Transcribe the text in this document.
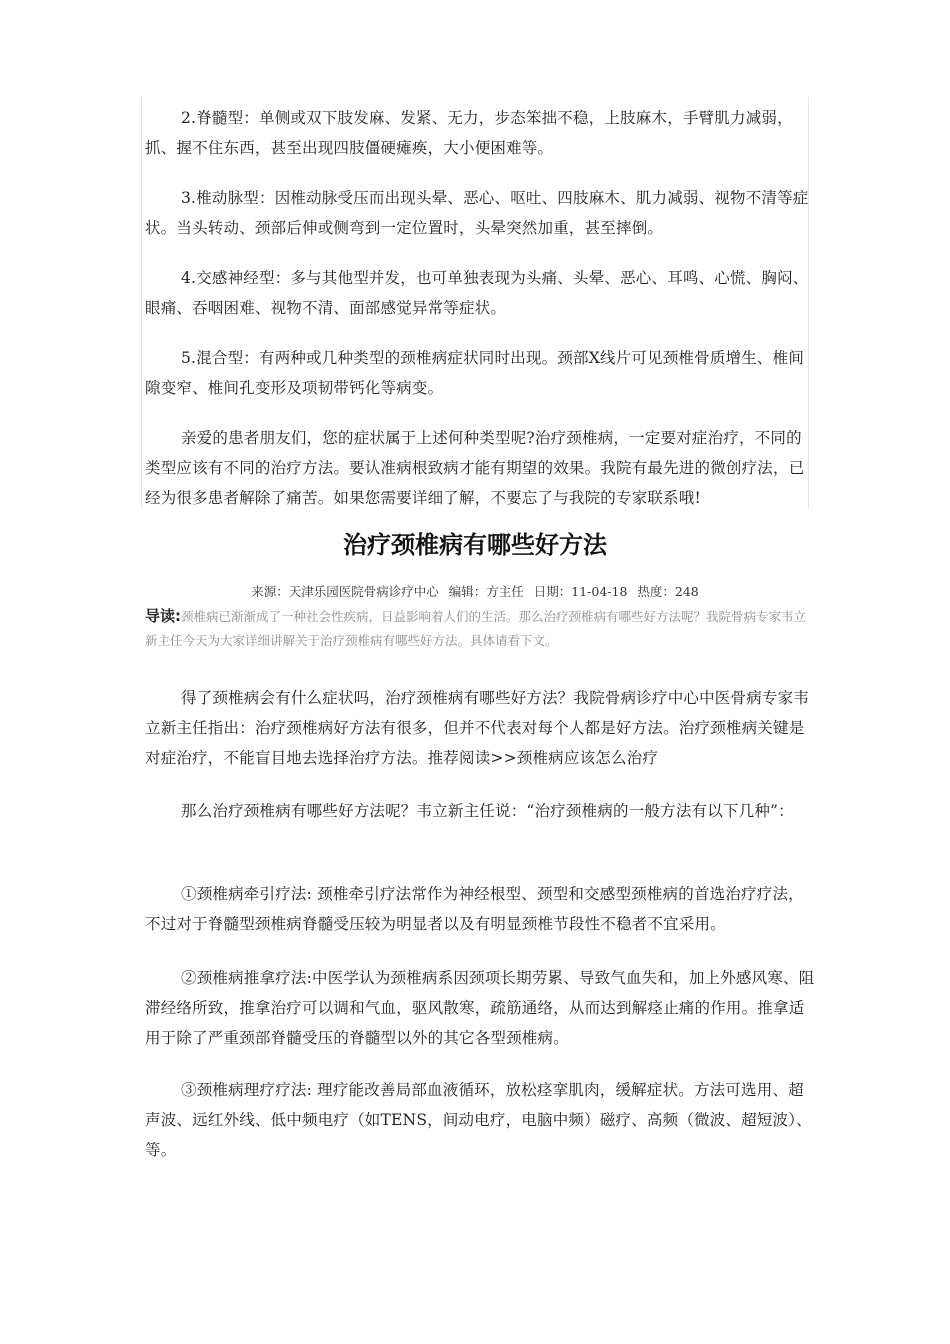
2.脊髓型：单侧或双下肢发麻、发紧、无力，步态笨拙不稳，上肢麻木，手臂肌力减弱，抓、握不住东西，甚至出现四肢僵硬瘫痪，大小便困难等。

3.椎动脉型：因椎动脉受压而出现头晕、恶心、呕吐、四肢麻木、肌力减弱、视物不清等症状。当头转动、颈部后伸或侧弯到一定位置时，头晕突然加重，甚至摔倒。

4.交感神经型：多与其他型并发，也可单独表现为头痛、头晕、恶心、耳鸣、心慌、胸闷、眼痛、吞咽困难、视物不清、面部感觉异常等症状。

5.混合型：有两种或几种类型的颈椎病症状同时出现。颈部X线片可见颈椎骨质增生、椎间隙变窄、椎间孔变形及项韧带钙化等病变。

亲爱的患者朋友们，您的症状属于上述何种类型呢?治疗颈椎病，一定要对症治疗，不同的类型应该有不同的治疗方法。要认准病根致病才能有期望的效果。我院有最先进的微创疗法，已经为很多患者解除了痛苦。如果您需要详细了解，不要忘了与我院的专家联系哦!

治疗颈椎病有哪些好方法
来源：天津乐园医院骨病诊疗中心 编辑：方主任 日期：11-04-18 热度：248
导读:颈椎病已渐渐成了一种社会性疾病，日益影响着人们的生活。那么治疗颈椎病有哪些好方法呢？我院骨病专家韦立新主任今天为大家详细讲解关于治疗颈椎病有哪些好方法。具体请看下文。

得了颈椎病会有什么症状吗，治疗颈椎病有哪些好方法？我院骨病诊疗中心中医骨病专家韦立新主任指出：治疗颈椎病好方法有很多，但并不代表对每个人都是好方法。治疗颈椎病关键是对症治疗，不能盲目地去选择治疗方法。推荐阅读>>颈椎病应该怎么治疗

那么治疗颈椎病有哪些好方法呢？韦立新主任说：“治疗颈椎病的一般方法有以下几种”：

①颈椎病牵引疗法: 颈椎牵引疗法常作为神经根型、颈型和交感型颈椎病的首选治疗疗法，不过对于脊髓型颈椎病脊髓受压较为明显者以及有明显颈椎节段性不稳者不宜采用。

②颈椎病推拿疗法:中医学认为颈椎病系因颈项长期劳累、导致气血失和，加上外感风寒、阻滞经络所致，推拿治疗可以调和气血，驱风散寒，疏筋通络，从而达到解痉止痛的作用。推拿适用于除了严重颈部脊髓受压的脊髓型以外的其它各型颈椎病。

③颈椎病理疗疗法: 理疗能改善局部血液循环，放松痉挛肌肉，缓解症状。方法可选用、超声波、远红外线、低中频电疗（如TENS，间动电疗，电脑中频）磁疗、高频（微波、超短波）、等。
